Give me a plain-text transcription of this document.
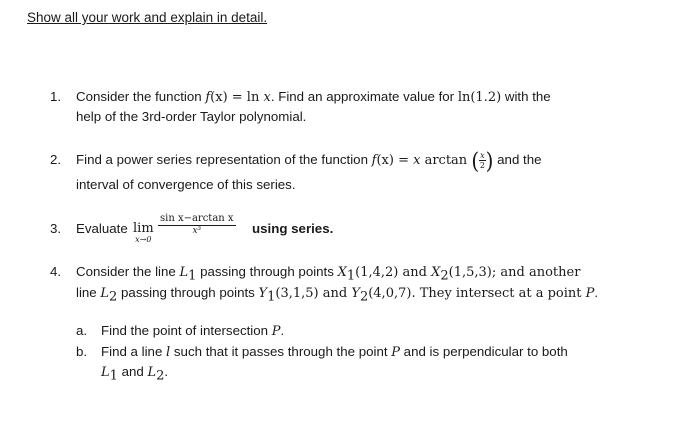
Show all your work and explain in detail.
1. Consider the function f(x) = ln x. Find an approximate value for ln(1.2) with the
help of the 3rd-order Taylor polynomial.
2. Find a power series representation of the function f(x) = x arctan ( $\frac{x}{2}$ ) and the
interval of convergence of this series.
3. Evaluate lim
x→0
sin x−arctan x
x³	using series.
4. Consider the line $L_1$ passing through points $X_1(1,4,2)$ and $X_2(1,5,3)$; and another
line $L_2$ passing through points $Y_1(3,1,5)$ and $Y_2(4,0,7)$. They intersect at a point P.
a. Find the point of intersection P.
b. Find a line l such that it passes through the point P and is perpendicular to both
$L_1$ and $L_2$.
